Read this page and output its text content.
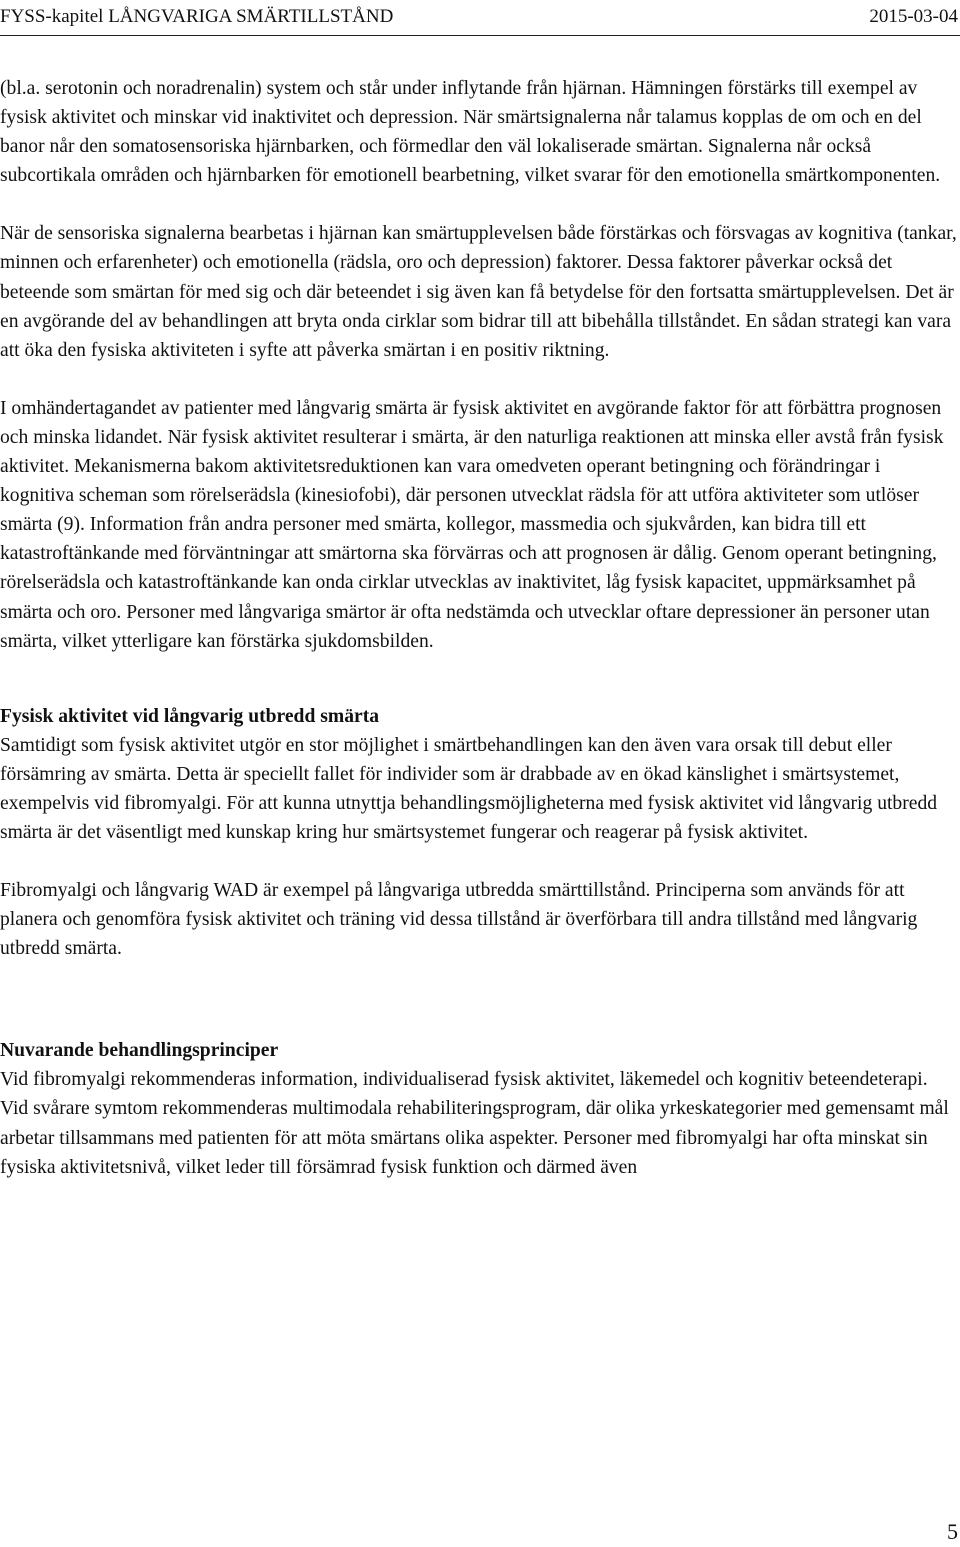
FYSS-kapitel LÅNGVARIGA SMÄRTILLSTÅND	2015-03-04

(bl.a. serotonin och noradrenalin) system och står under inflytande från hjärnan. Hämningen förstärks till exempel av fysisk aktivitet och minskar vid inaktivitet och depression. När smärtsignalerna når talamus kopplas de om och en del banor når den somatosensoriska hjärnbarken, och förmedlar den väl lokaliserade smärtan. Signalerna når också subcortikala områden och hjärnbarken för emotionell bearbetning, vilket svarar för den emotionella smärtkomponenten.

När de sensoriska signalerna bearbetas i hjärnan kan smärtupplevelsen både förstärkas och försvagas av kognitiva (tankar, minnen och erfarenheter) och emotionella (rädsla, oro och depression) faktorer. Dessa faktorer påverkar också det beteende som smärtan för med sig och där beteendet i sig även kan få betydelse för den fortsatta smärtupplevelsen. Det är en avgörande del av behandlingen att bryta onda cirklar som bidrar till att bibehålla tillståndet. En sådan strategi kan vara att öka den fysiska aktiviteten i syfte att påverka smärtan i en positiv riktning.

I omhändertagandet av patienter med långvarig smärta är fysisk aktivitet en avgörande faktor för att förbättra prognosen och minska lidandet. När fysisk aktivitet resulterar i smärta, är den naturliga reaktionen att minska eller avstå från fysisk aktivitet. Mekanismerna bakom aktivitetsreduktionen kan vara omedveten operant betingning och förändringar i kognitiva scheman som rörelserädsla (kinesiofobi), där personen utvecklat rädsla för att utföra aktiviteter som utlöser smärta (9). Information från andra personer med smärta, kollegor, massmedia och sjukvården, kan bidra till ett katastroftänkande med förväntningar att smärtorna ska förvärras och att prognosen är dålig. Genom operant betingning, rörelserädsla och katastroftänkande kan onda cirklar utvecklas av inaktivitet, låg fysisk kapacitet, uppmärksamhet på smärta och oro. Personer med långvariga smärtor är ofta nedstämda och utvecklar oftare depressioner än personer utan smärta, vilket ytterligare kan förstärka sjukdomsbilden.

Fysisk aktivitet vid långvarig utbredd smärta

Samtidigt som fysisk aktivitet utgör en stor möjlighet i smärtbehandlingen kan den även vara orsak till debut eller försämring av smärta. Detta är speciellt fallet för individer som är drabbade av en ökad känslighet i smärtsystemet, exempelvis vid fibromyalgi. För att kunna utnyttja behandlingsmöjligheterna med fysisk aktivitet vid långvarig utbredd smärta är det väsentligt med kunskap kring hur smärtsystemet fungerar och reagerar på fysisk aktivitet.

Fibromyalgi och långvarig WAD är exempel på långvariga utbredda smärttillstånd. Principerna som används för att planera och genomföra fysisk aktivitet och träning vid dessa tillstånd är överförbara till andra tillstånd med långvarig utbredd smärta.

Nuvarande behandlingsprinciper

Vid fibromyalgi rekommenderas information, individualiserad fysisk aktivitet, läkemedel och kognitiv beteendeterapi. Vid svårare symtom rekommenderas multimodala rehabiliteringsprogram, där olika yrkeskategorier med gemensamt mål arbetar tillsammans med patienten för att möta smärtans olika aspekter. Personer med fibromyalgi har ofta minskat sin fysiska aktivitetsnivå, vilket leder till försämrad fysisk funktion och därmed även

5
